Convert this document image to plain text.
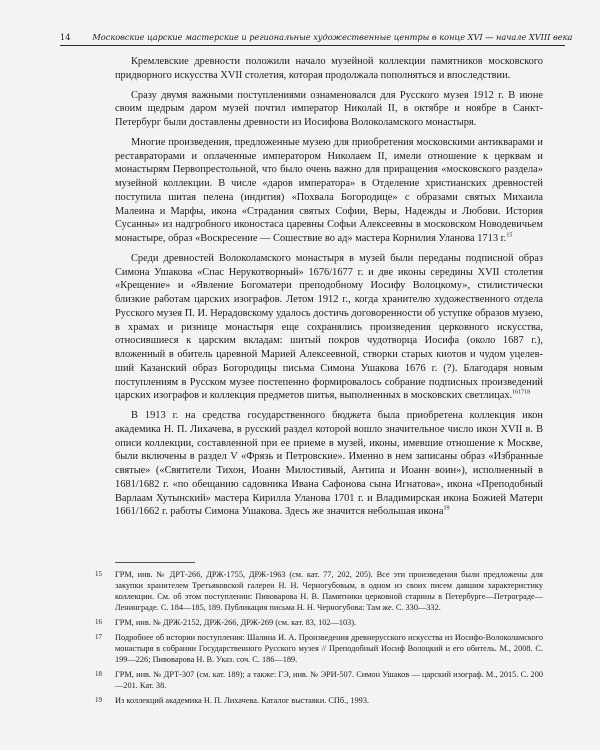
14	Московские царские мастерские и региональные художественные центры в конце XVI — начале XVIII века

Кремлевские древности положили начало музейной коллекции памятников московского придворного искусства XVII столетия, которая продолжала пополняться и впоследствии.

Сразу двумя важными поступлениями ознаменовался для Русского музея 1912 г. В июне своим щедрым даром музей почтил император Николай II, в октябре и ноябре в Санкт-Петербург были доставлены древности из Иосифова Волоколамского монастыря.

Многие произведения, предложенные музею для приобретения московскими антикварами и реставраторами и оплаченные императором Николаем II, имели отношение к церквам и монастырям Первопрестольной, что было очень важно для приращения «московского раздела» музейной коллекции. В числе «даров императора» в Отделение христианских древностей поступила шитая пелена (индития) «Похвала Богородице» с образами святых Михаила Малеина и Марфы, икона «Страдания святых Софии, Веры, Надежды и Любови. История Сусанны» из надгробного иконостаса царевны Софьи Алексеевны в московском Новодевичьем монастыре, образ «Воскресение — Сошествие во ад» мастера Корнилия Уланова 1713 г.$^{15}$

Среди древностей Волоколамского монастыря в музей были переданы подписной образ Симона Ушакова «Спас Нерукотворный» 1676/1677 г. и две иконы середины XVII столетия «Крещение» и «Явление Богоматери преподобному Иосифу Волоцкому», стилистически близкие работам царских изографов. Летом 1912 г., когда хранителю художественного отдела Русского музея П. И. Нерадовскому удалось достичь договоренности об уступке образов музею, в храмах и ризнице монастыря еще сохранялись произведения церковного искусства, относившиеся к царским вкладам: шитый покров чудотворца Иосифа (около 1687 г.), вложенный в обитель царевной Марией Алексеевной, створки старых киотов и чудом уцелевший Казанский образ Богородицы письма Симона Ушакова 1676 г. (?). Благодаря новым поступлениям в Русском музее постепенно формировалось собрание подписных произведений царских изографов и коллекция предметов шитья, выполненных в московских светлицах.$^{161718}$

В 1913 г. на средства государственного бюджета была приобретена коллекция икон академика Н. П. Лихачева, в русский раздел которой вошло значительное число икон XVII в. В описи коллекции, составленной при ее приеме в музей, иконы, имевшие отношение к Москве, были включены в раздел V «Фрязь и Петровские». Именно в нем записаны образ «Избранные святые» («Святители Тихон, Иоанн Милостивый, Антипа и Иоанн воин»), исполненный в 1681/1682 г. «по обещанию садовника Ивана Сафонова сына Игнатова», икона «Преподобный Варлаам Хутынский» мастера Кирилла Уланова 1701 г. и Владимирская икона Божией Матери 1661/1662 г. работы Симона Ушакова. Здесь же значится небольшая икона$^{19}$

15 ГРМ, инв. № ДРТ-266, ДРЖ-1755, ДРЖ-1963 (см. кат. 77, 202, 205). Все эти произведения были предложены для закупки хранителем Третьяковской галереи Н. Н. Черногубовым, в одном из своих писем давшим характеристику коллекции. См. об этом поступлении: Пивоварова Н. В. Памятники церковной старины в Петербурге—Петрограде—Ленинграде. С. 184—185, 189. Публикация письма Н. Н. Черногубова: Там же. С. 330—332.
16 ГРМ, инв. № ДРЖ-2152, ДРЖ-266, ДРЖ-269 (см. кат. 83, 102—103).
17 Подробнее об истории поступления: Шалина И. А. Произведения древнерусского искусства из Иосифо-Волоколамского монастыря в собрании Государственного Русского музея // Преподобный Иосиф Волоцкий и его обитель. М., 2008. С. 199—226; Пивоварова Н. В. Указ. соч. С. 186—189.
18 ГРМ, инв. № ДРТ-307 (см. кат. 189); а также: ГЭ, инв. № ЭРИ-507. Симон Ушаков — царский изограф. М., 2015. С. 200—201. Кат. 38.
19 Из коллекций академика Н. П. Лихачева. Каталог выставки. СПб., 1993.
